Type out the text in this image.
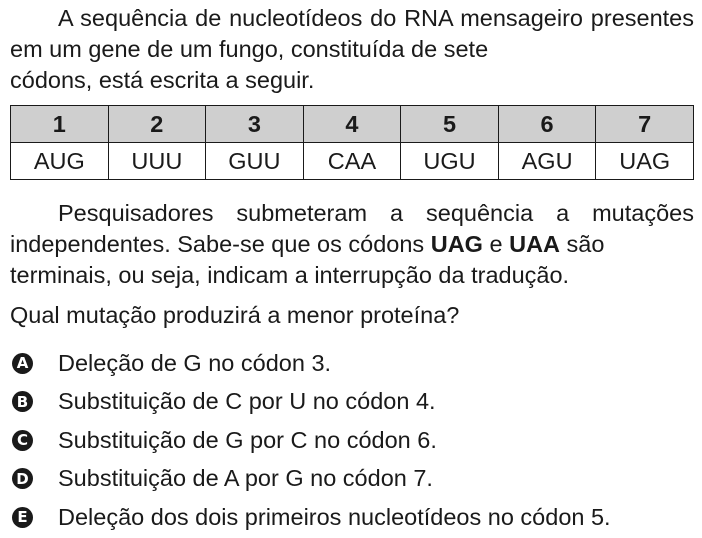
A sequência de nucleotídeos do RNA mensageiro presentes em um gene de um fungo, constituída de sete
códons, está escrita a seguir.

1	2	3	4	5	6	7
AUG	UUU	GUU	CAA	UGU	AGU	UAG

Pesquisadores submeteram a sequência a mutações independentes. Sabe-se que os códons UAG e UAA são
terminais, ou seja, indicam a interrupção da tradução.

Qual mutação produzirá a menor proteína?

A Deleção de G no códon 3.
B Substituição de C por U no códon 4.
C Substituição de G por C no códon 6.
D Substituição de A por G no códon 7.
E Deleção dos dois primeiros nucleotídeos no códon 5.
